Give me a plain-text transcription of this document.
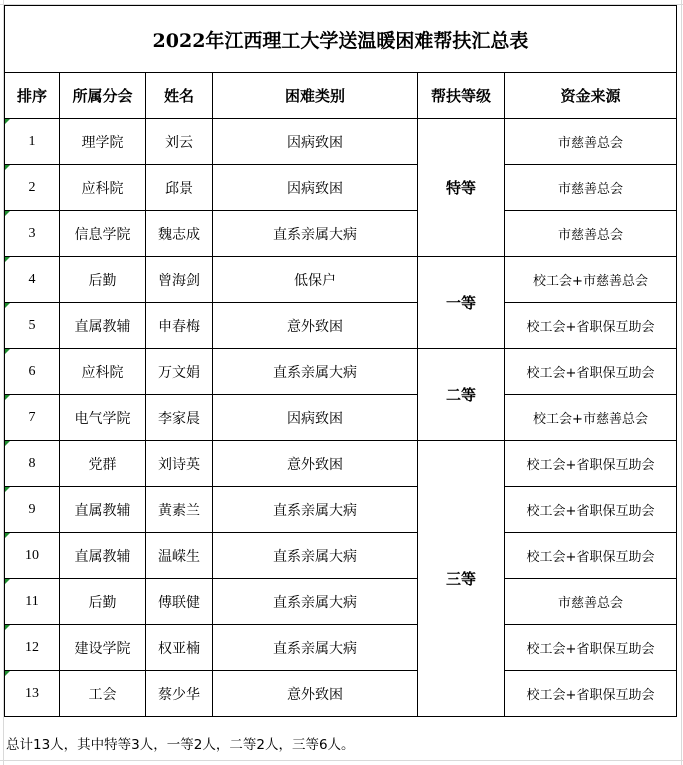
2022年江西理工大学送温暖困难帮扶汇总表					
排序	所属分会	姓名	困难类别	帮扶等级	资金来源

1	理学院	刘云	因病致困	特等	市慈善总会

2	应科院	邱景	因病致困		市慈善总会

3	信息学院	魏志成	直系亲属大病		市慈善总会

4	后勤	曾海剑	低保户	一等	校工会+市慈善总会

5	直属教辅	申春梅	意外致困		校工会+省职保互助会

6	应科院	万文娟	直系亲属大病	二等	校工会+省职保互助会

7	电气学院	李家晨	因病致困		校工会+市慈善总会

8	党群	刘诗英	意外致困	三等	校工会+省职保互助会

9	直属教辅	黄素兰	直系亲属大病		校工会+省职保互助会

10	直属教辅	温嵘生	直系亲属大病		校工会+省职保互助会

11	后勤	傅联健	直系亲属大病		市慈善总会

12	建设学院	权亚楠	直系亲属大病		校工会+省职保互助会

13	工会	蔡少华	意外致困		校工会+省职保互助会
总计13人，其中特等3人，一等2人，二等2人，三等6人。
